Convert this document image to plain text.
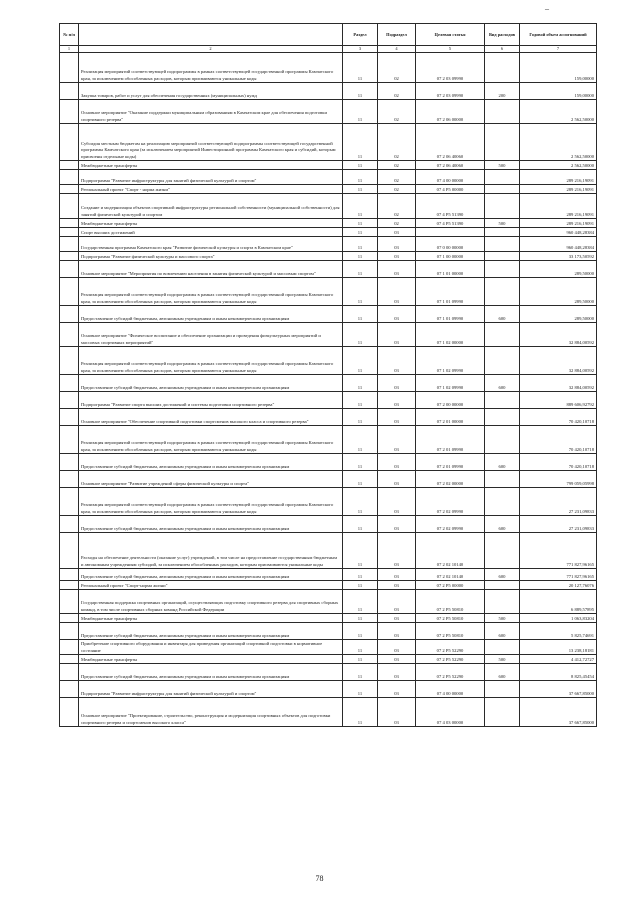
–
№ п/п		Раздел	Подраздел	Целевая статья	Вид расходов	Годовой объем ассигнований
1	2	3	4	5	6	7
	Реализация мероприятий соответствующей подпрограммы в рамках соответствующей государственной программы Камчатского края, за исключением обособленных расходов, которым присваиваются уникальные коды	11	02	07 2 03 09990		159,00000
	Закупка товаров, работ и услуг для обеспечения государственных (муниципальных) нужд	11	02	07 2 03 09990	200	159,00000
	Основное мероприятие "Оказание поддержки муниципальным образованиям в Камчатском крае для обеспечения подготовки спортивного резерва"	11	02	07 2 06 00000		2 562,50000
	Субсидия местным бюджетам на реализацию мероприятий соответствующей подпрограммы соответствующей государственной программы Камчатского края (за исключением мероприятий Инвестиционной программы Камчатского края и субсидий, которым присвоены отдельные коды)	11	02	07 2 06 40060		2 562,50000
	Межбюджетные трансферты	11	02	07 2 06 40060	500	2 562,50000
	Подпрограмма "Развитие инфраструктуры для занятий физической культурой и спортом"	11	02	07 4 00 00000		289 216,19091
	Региональный проект "Спорт - норма жизни"	11	02	07 4 P5 00000		289 216,19091
	Создание и модернизация объектов спортивной инфраструктуры региональной собственности (муниципальной собственности) для занятий физической культурой и спортом	11	02	07 4 P5 51390		289 216,19091
	Межбюджетные трансферты	11	02	07 4 P5 51390	500	289 216,19091
	Спорт высших достижений	11	03			960 448,28384
	Государственная программа Камчатского края "Развитие физической культуры и спорта в Камчатском крае"	11	03	07 0 00 00000		960 448,28384
	Подпрограмма "Развитие физической культуры и массового спорта"	11	03	07 1 00 00000		33 173,50592
	Основное мероприятие "Мероприятия по вовлечению населения в занятия физической культурой и массовым спортом"	11	03	07 1 01 00000		289,50000
	Реализация мероприятий соответствующей подпрограммы в рамках соответствующей государственной программы Камчатского края, за исключением обособленных расходов, которым присваиваются уникальные коды	11	03	07 1 01 09990		289,50000
	Предоставление субсидий бюджетным, автономным учреждениям и иным некоммерческим организациям	11	03	07 1 01 09990	600	289,50000
	Основное мероприятие "Физическое воспитание и обеспечение организации и проведения физкультурных мероприятий и массовых спортивных мероприятий"	11	03	07 1 02 00000		32 884,00592
	Реализация мероприятий соответствующей подпрограммы в рамках соответствующей государственной программы Камчатского края, за исключением обособленных расходов, которым присваиваются уникальные коды	11	03	07 1 02 09990		32 884,00592
	Предоставление субсидий бюджетным, автономным учреждениям и иным некоммерческим организациям	11	03	07 1 02 09990	600	32 884,00592
	Подпрограмма "Развитие спорта высших достижений и системы подготовки спортивного резерва"	11	03	07 2 00 00000		889 606,92792
	Основное мероприятие "Обеспечение спортивной подготовки спортсменов высокого класса и спортивного резерва"	11	03	07 2 01 00000		70 420,10718
	Реализация мероприятий соответствующей подпрограммы в рамках соответствующей государственной программы Камчатского края, за исключением обособленных расходов, которым присваиваются уникальные коды	11	03	07 2 01 09990		70 420,10718
	Предоставление субсидий бюджетным, автономным учреждениям и иным некоммерческим организациям	11	03	07 2 01 09990	600	70 420,10718
	Основное мероприятие "Развитие учреждений сферы физической культуры и спорта"	11	03	07 2 02 00000		799 059,05998
	Реализация мероприятий соответствующей подпрограммы в рамках соответствующей государственной программы Камчатского края, за исключением обособленных расходов, которым присваиваются уникальные коды	11	03	07 2 02 09990		27 231,09833
	Предоставление субсидий бюджетным, автономным учреждениям и иным некоммерческим организациям	11	03	07 2 02 09990	600	27 231,09833
	Расходы на обеспечение деятельности (оказание услуг) учреждений, в том числе на предоставление государственным бюджетным и автономным учреждениям субсидий, за исключением обособленных расходов, которым присваиваются уникальные коды	11	03	07 2 02 10140		771 827,96165
	Предоставление субсидий бюджетным, автономным учреждениям и иным некоммерческим организациям	11	03	07 2 02 10140	600	771 827,96165
	Региональный проект "Спорт-норма жизни"	11	03	07 2 P5 00000		20 127,76076
	Государственная поддержка спортивных организаций, осуществляющих подготовку спортивного резерва для спортивных сборных команд, в том числе спортивных сборных команд Российской Федерации	11	03	07 2 P5 50810		6 889,57895
	Межбюджетные трансферты	11	03	07 2 P5 50810	500	1 063,83204
	Предоставление субсидий бюджетным, автономным учреждениям и иным некоммерческим организациям	11	03	07 2 P5 50810	600	5 825,74691
	Приобретение спортивного оборудования и инвентаря для приведения организаций спортивной подготовки в нормативное состояние	11	03	07 2 P5 52290		13 238,18181
	Межбюджетные трансферты	11	03	07 2 P5 52290	500	4 412,72727
	Предоставление субсидий бюджетным, автономным учреждениям и иным некоммерческим организациям	11	03	07 2 P5 52290	600	8 825,45454
	Подпрограмма "Развитие инфраструктуры для занятий физической культурой и спортом"	11	03	07 4 00 00000		37 667,85000
	Основное мероприятие "Проектирование, строительство, реконструкция и модернизация спортивных объектов для подготовки спортивного резерва и спортсменов высокого класса"	11	03	07 4 03 00000		37 667,85000
78
